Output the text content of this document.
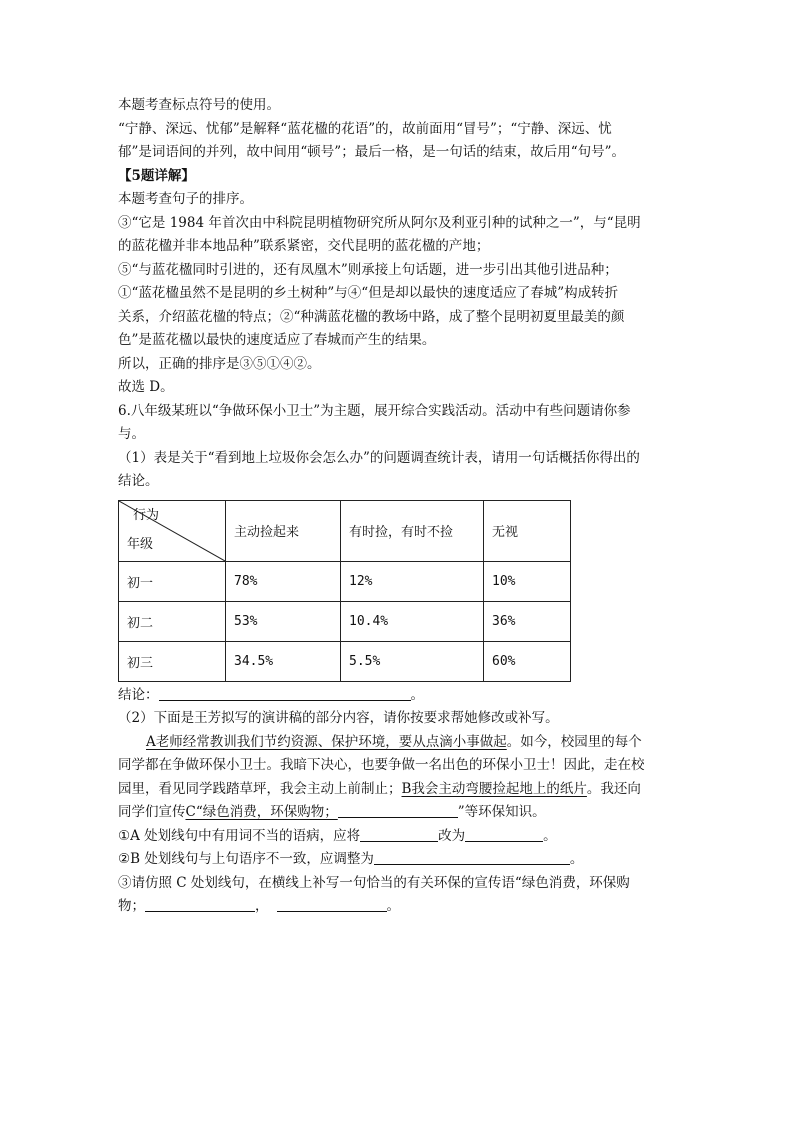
本题考查标点符号的使用。
“宁静、深远、忧郁”是解释“蓝花楹的花语”的，故前面用“冒号”；“宁静、深远、忧
郁”是词语间的并列，故中间用“顿号”；最后一格，是一句话的结束，故后用“句号”。
【5题详解】
本题考查句子的排序。
③“它是 1984 年首次由中科院昆明植物研究所从阿尔及利亚引种的试种之一”，与“昆明
的蓝花楹并非本地品种”联系紧密，交代昆明的蓝花楹的产地；
⑤“与蓝花楹同时引进的，还有凤凰木”则承接上句话题，进一步引出其他引进品种；
①“蓝花楹虽然不是昆明的乡土树种”与④“但是却以最快的速度适应了春城”构成转折
关系，介绍蓝花楹的特点；②“种满蓝花楹的教场中路，成了整个昆明初夏里最美的颜
色”是蓝花楹以最快的速度适应了春城而产生的结果。
所以，正确的排序是③⑤①④②。
故选 D。
6.八年级某班以“争做环保小卫士”为主题，展开综合实践活动。活动中有些问题请你参
与。
（1）表是关于“看到地上垃圾你会怎么办”的问题调查统计表，请用一句话概括你得出的
结论。
行为
年级	主动捡起来	有时捡，有时不捡	无视
初一	78%	12%	10%
初二	53%	10.4%	36%
初三	34.5%	5.5%	60%
结论：	。
（2）下面是王芳拟写的演讲稿的部分内容，请你按要求帮她修改或补写。
A老师经常教训我们节约资源、保护环境，要从点滴小事做起。如今，校园里的每个
同学都在争做环保小卫士。我暗下决心，也要争做一名出色的环保小卫士！因此，走在校
园里，看见同学践踏草坪，我会主动上前制止；B我会主动弯腰捡起地上的纸片。我还向
同学们宣传C“绿色消费，环保购物；	”等环保知识。
①A 处划线句中有用词不当的语病，应将	改为	。
②B 处划线句与上句语序不一致，应调整为	。
③请仿照 C 处划线句，在横线上补写一句恰当的有关环保的宣传语“绿色消费，环保购
物；	，	。
